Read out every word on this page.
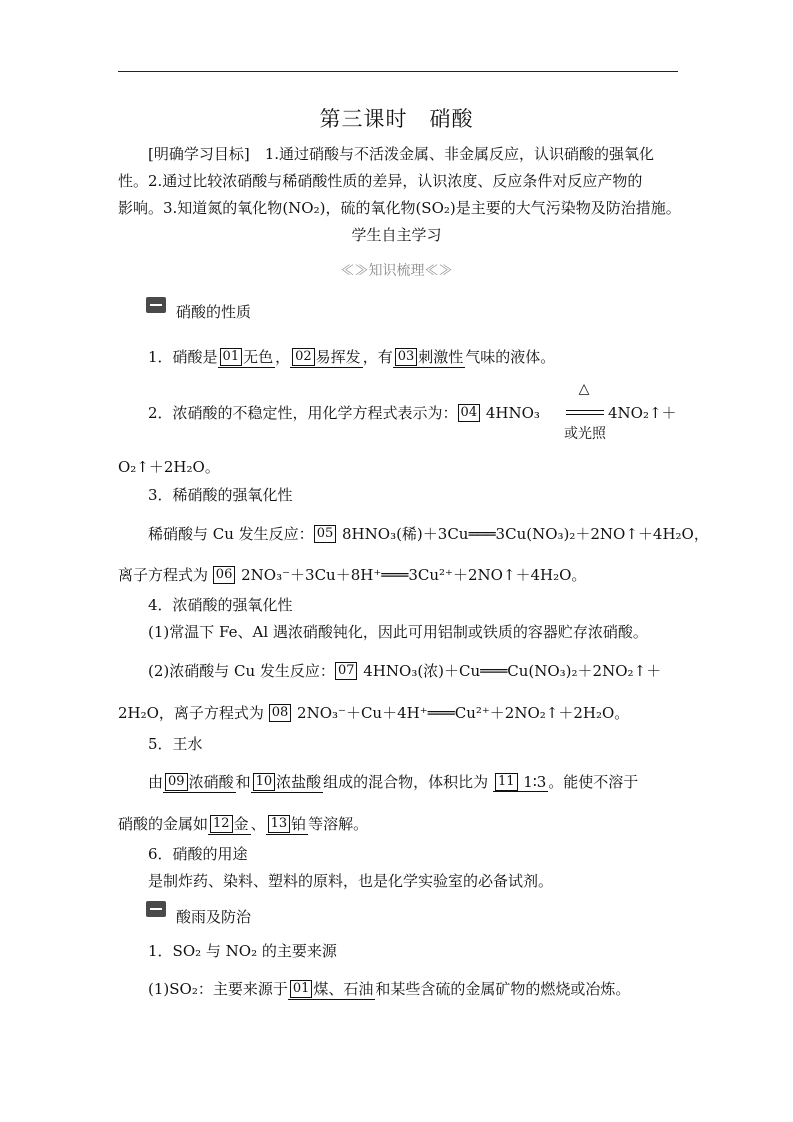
第三课时　硝酸
[明确学习目标]　1.通过硝酸与不活泼金属、非金属反应，认识硝酸的强氧化
性。2.通过比较浓硝酸与稀硝酸性质的差异，认识浓度、反应条件对反应产物的
影响。3.知道氮的氧化物(NO₂)，硫的氧化物(SO₂)是主要的大气污染物及防治措施。
学生自主学习
≪≫知识梳理≪≫
硝酸的性质
1．硝酸是 01 无色 ， 02 易挥发 ，有 03 刺激性 气味的液体。
△
2．浓硝酸的不稳定性，用化学方程式表示为： 04 4HNO₃	4NO₂↑＋
或光照
O₂↑＋2H₂O。
3．稀硝酸的强氧化性
稀硝酸与 Cu 发生反应： 05 8HNO₃(稀)＋3Cu═══3Cu(NO₃)₂＋2NO↑＋4H₂O，
离子方程式为 06 2NO₃⁻＋3Cu＋8H⁺═══3Cu²⁺＋2NO↑＋4H₂O。
4．浓硝酸的强氧化性
(1)常温下 Fe、Al 遇浓硝酸钝化，因此可用铝制或铁质的容器贮存浓硝酸。
(2)浓硝酸与 Cu 发生反应： 07 4HNO₃(浓)＋Cu═══Cu(NO₃)₂＋2NO₂↑＋
2H₂O，离子方程式为 08 2NO₃⁻＋Cu＋4H⁺═══Cu²⁺＋2NO₂↑＋2H₂O。
5．王水
由 09 浓硝酸 和 10 浓盐酸 组成的混合物，体积比为 11 1∶3 。能使不溶于
硝酸的金属如 12 金 、 13 铂 等溶解。
6．硝酸的用途
是制炸药、染料、塑料的原料，也是化学实验室的必备试剂。
酸雨及防治
1．SO₂ 与 NO₂ 的主要来源
(1)SO₂：主要来源于 01 煤、石油 和某些含硫的金属矿物的燃烧或冶炼。
